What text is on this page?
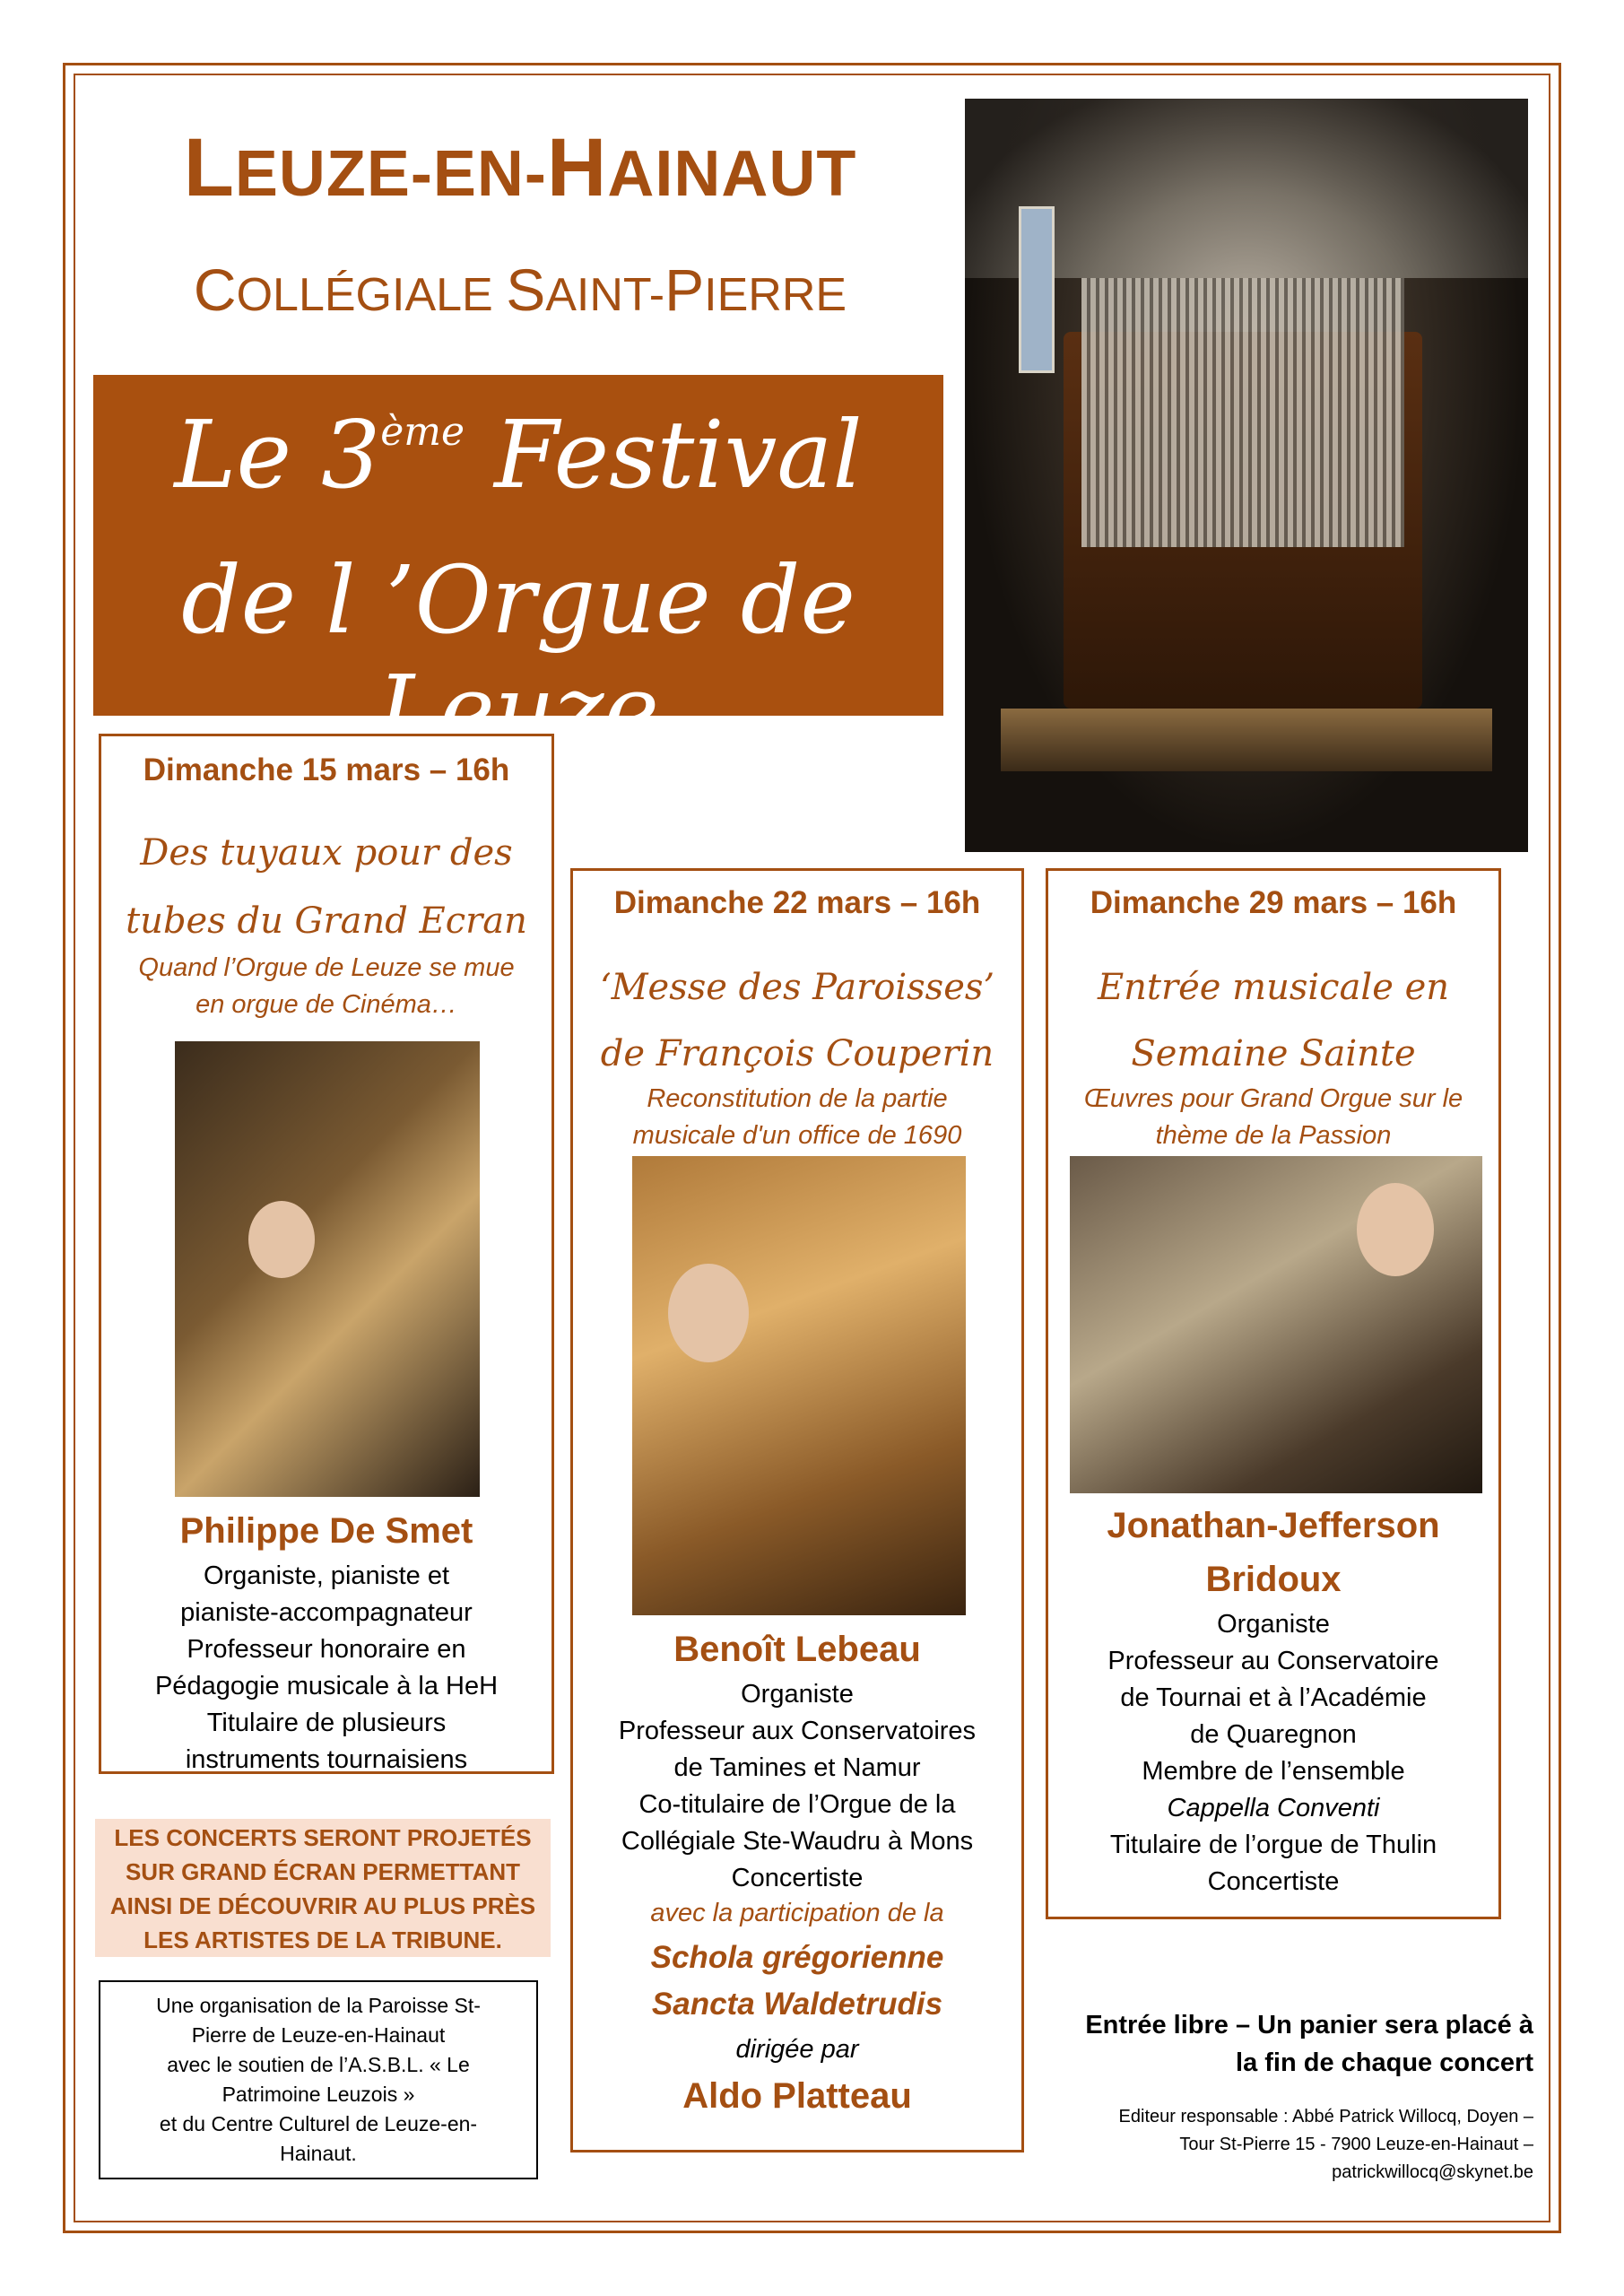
LEUZE-EN-HAINAUT
COLLÉGIALE SAINT-PIERRE
Le 3ème Festival
de l ’Orgue de Leuze
Dimanche 15 mars – 16h
Des tuyaux pour des
tubes du Grand Ecran
Quand l’Orgue de Leuze se mue
en orgue de Cinéma…
Philippe De Smet
Organiste, pianiste et
pianiste-accompagnateur
Professeur honoraire en
Pédagogie musicale à la HeH
Titulaire de plusieurs
instruments tournaisiens
Dimanche 22 mars – 16h
‘Messe des Paroisses’
de François Couperin
Reconstitution de la partie
musicale d'un office de 1690
Benoît Lebeau
Organiste
Professeur aux Conservatoires
de Tamines et Namur
Co-titulaire de l’Orgue de la
Collégiale Ste-Waudru à Mons
Concertiste
avec la participation de la
Schola grégorienne
Sancta Waldetrudis
dirigée par
Aldo Platteau
Dimanche 29 mars – 16h
Entrée musicale en
Semaine Sainte
Œuvres pour Grand Orgue sur le
thème de la Passion
Jonathan-Jefferson
Bridoux
Organiste
Professeur au Conservatoire
de Tournai et à l’Académie
de Quaregnon
Membre de l’ensemble
Cappella Conventi
Titulaire de l’orgue de Thulin
Concertiste
LES CONCERTS SERONT PROJETÉS
SUR GRAND ÉCRAN PERMETTANT
AINSI DE DÉCOUVRIR AU PLUS PRÈS
LES ARTISTES DE LA TRIBUNE.
Une organisation de la Paroisse St-
Pierre de Leuze-en-Hainaut
avec le soutien de l’A.S.B.L. « Le
Patrimoine Leuzois »
et du Centre Culturel de Leuze-en-
Hainaut.
Entrée libre – Un panier sera placé à
la fin de chaque concert
Editeur responsable : Abbé Patrick Willocq, Doyen –
Tour St-Pierre 15 - 7900 Leuze-en-Hainaut –
patrickwillocq@skynet.be
